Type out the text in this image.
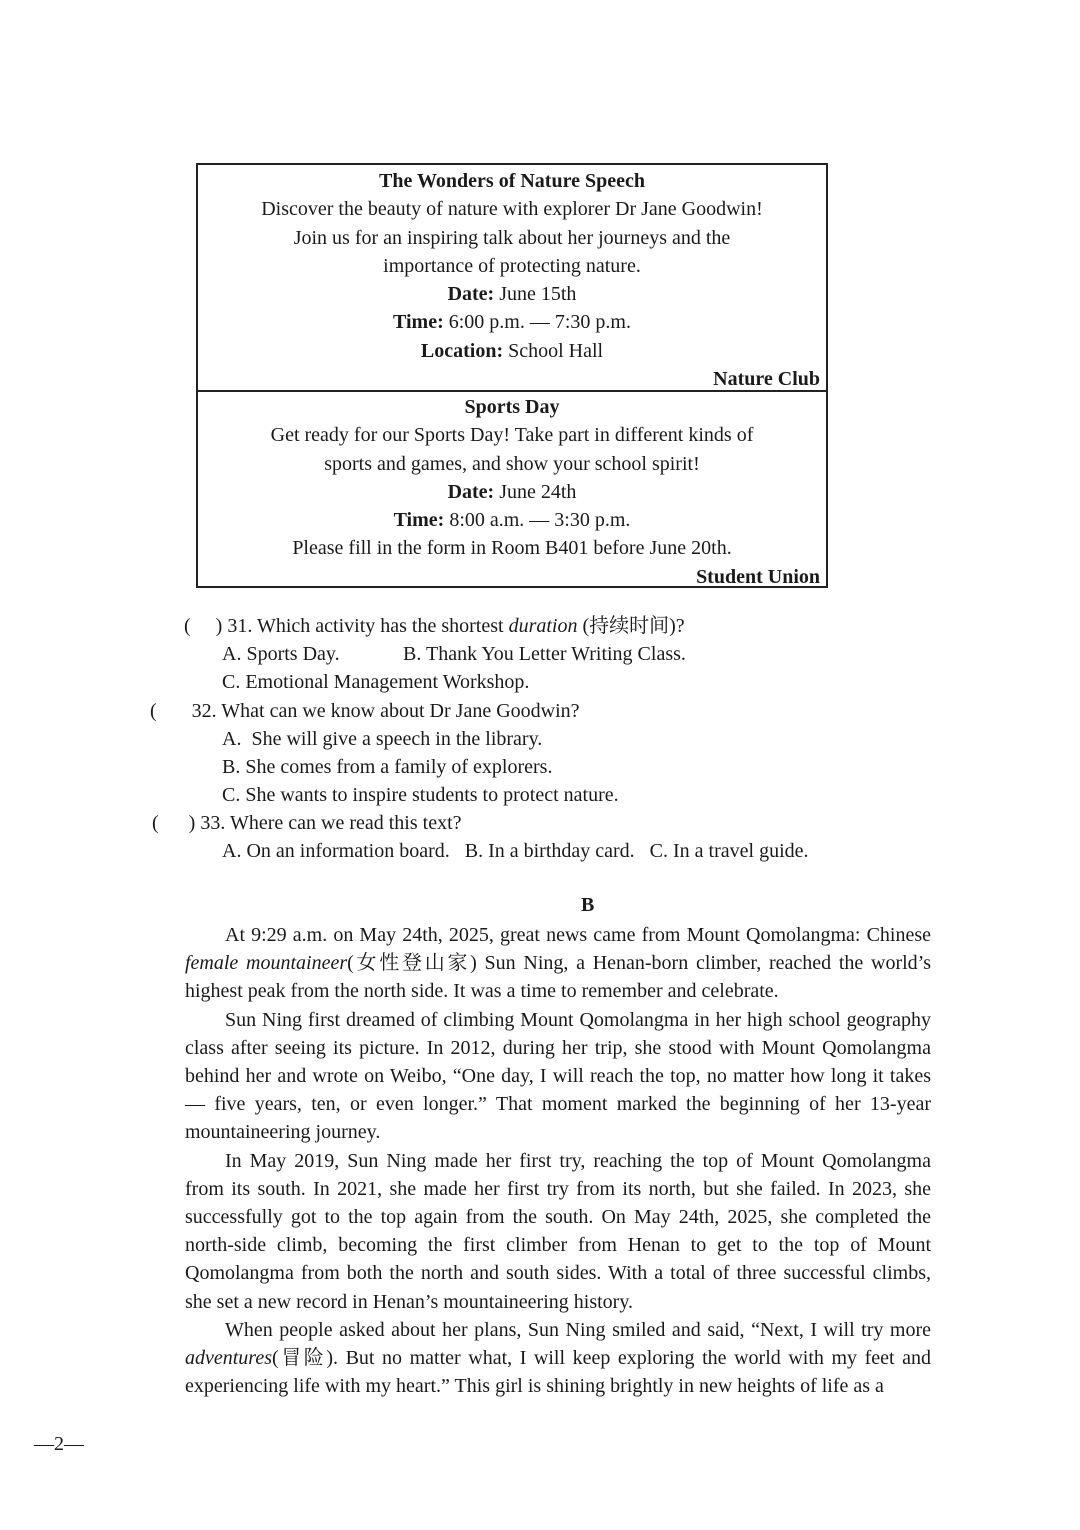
The Wonders of Nature Speech
Discover the beauty of nature with explorer Dr Jane Goodwin!
Join us for an inspiring talk about her journeys and the
importance of protecting nature.
Date: June 15th
Time: 6:00 p.m. — 7:30 p.m.
Location: School Hall
Nature Club
Sports Day
Get ready for our Sports Day! Take part in different kinds of
sports and games, and show your school spirit!
Date: June 24th
Time: 8:00 a.m. — 3:30 p.m.
Please fill in the form in Room B401 before June 20th.
Student Union
(     ) 31. Which activity has the shortest duration (持续时间)?
A. Sports Day.	B. Thank You Letter Writing Class.
C. Emotional Management Workshop.
(       32. What can we know about Dr Jane Goodwin?
A.  She will give a speech in the library.
B. She comes from a family of explorers.
C. She wants to inspire students to protect nature.
(      ) 33. Where can we read this text?
A. On an information board.   B. In a birthday card.   C. In a travel guide.
B

At 9:29 a.m. on May 24th, 2025, great news came from Mount Qomolangma: Chinese female mountaineer(女性登山家) Sun Ning, a Henan-born climber, reached the world’s highest peak from the north side. It was a time to remember and celebrate.

Sun Ning first dreamed of climbing Mount Qomolangma in her high school geography class after seeing its picture. In 2012, during her trip, she stood with Mount Qomolangma behind her and wrote on Weibo, “One day, I will reach the top, no matter how long it takes — five years, ten, or even longer.” That moment marked the beginning of her 13-year mountaineering journey.

In May 2019, Sun Ning made her first try, reaching the top of Mount Qomolangma from its south. In 2021, she made her first try from its north, but she failed. In 2023, she successfully got to the top again from the south. On May 24th, 2025, she completed the north-side climb, becoming the first climber from Henan to get to the top of Mount Qomolangma from both the north and south sides. With a total of three successful climbs, she set a new record in Henan’s mountaineering history.

When people asked about her plans, Sun Ning smiled and said, “Next, I will try more adventures(冒险). But no matter what, I will keep exploring the world with my feet and experiencing life with my heart.” This girl is shining brightly in new heights of life as a

—2—
